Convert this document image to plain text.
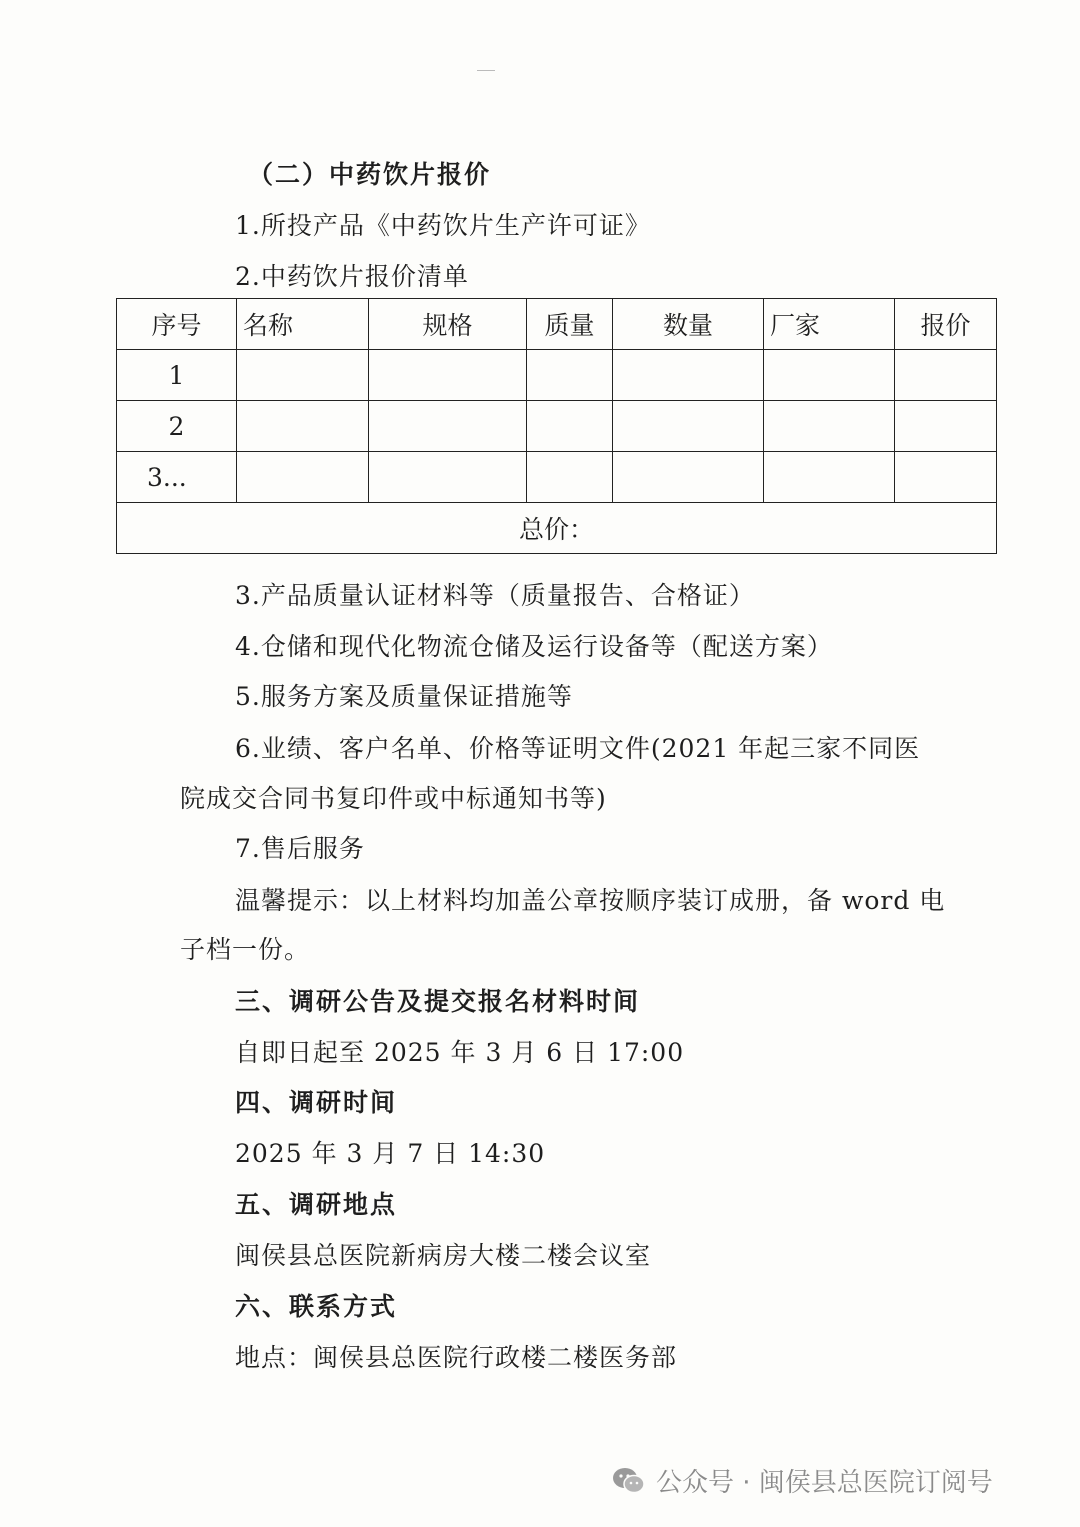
（二）中药饮片报价
1.所投产品《中药饮片生产许可证》
2.中药饮片报价清单
序号	名称	规格	质量	数量	厂家	报价
1						
2						
3...						
总价：						
3.产品质量认证材料等（质量报告、合格证）
4.仓储和现代化物流仓储及运行设备等（配送方案）
5.服务方案及质量保证措施等
6.业绩、客户名单、价格等证明文件(2021 年起三家不同医
院成交合同书复印件或中标通知书等)
7.售后服务
温馨提示：以上材料均加盖公章按顺序装订成册，备 word 电
子档一份。
三、调研公告及提交报名材料时间
自即日起至 2025 年 3 月 6 日 17:00
四、调研时间
2025 年 3 月 7 日 14:30
五、调研地点
闽侯县总医院新病房大楼二楼会议室
六、联系方式
地点：闽侯县总医院行政楼二楼医务部
公众号 · 闽侯县总医院订阅号
